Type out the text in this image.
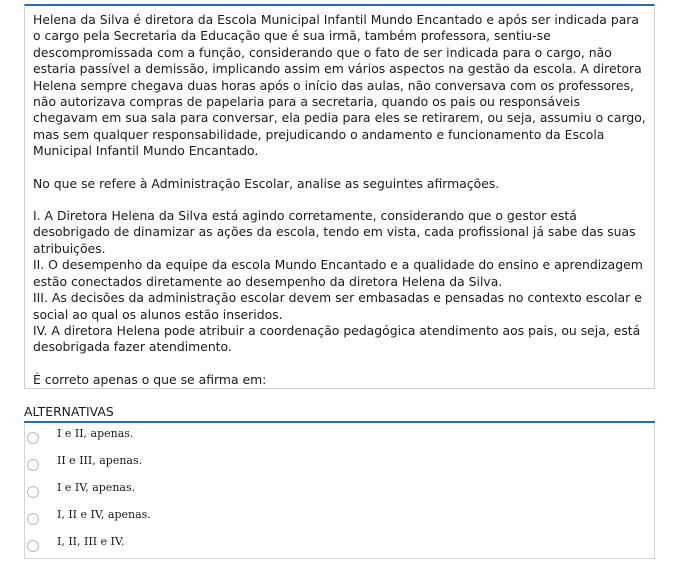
Helena da Silva é diretora da Escola Municipal Infantil Mundo Encantado e após ser indicada para o cargo pela Secretaria da Educação que é sua irmã, também professora, sentiu-se descompromissada com a função, considerando que o fato de ser indicada para o cargo, não estaria passível a demissão, implicando assim em vários aspectos na gestão da escola. A diretora Helena sempre chegava duas horas após o início das aulas, não conversava com os professores, não autorizava compras de papelaria para a secretaria, quando os pais ou responsáveis chegavam em sua sala para conversar, ela pedia para eles se retirarem, ou seja, assumiu o cargo, mas sem qualquer responsabilidade, prejudicando o andamento e funcionamento da Escola Municipal Infantil Mundo Encantado.

No que se refere à Administração Escolar, analise as seguintes afirmações.

I. A Diretora Helena da Silva está agindo corretamente, considerando que o gestor está desobrigado de dinamizar as ações da escola, tendo em vista, cada profissional já sabe das suas atribuições.

II. O desempenho da equipe da escola Mundo Encantado e a qualidade do ensino e aprendizagem estão conectados diretamente ao desempenho da diretora Helena da Silva.

III. As decisões da administração escolar devem ser embasadas e pensadas no contexto escolar e social ao qual os alunos estão inseridos.

IV. A diretora Helena pode atribuir a coordenação pedagógica atendimento aos pais, ou seja, está desobrigada fazer atendimento.

É correto apenas o que se afirma em:

ALTERNATIVAS
I e II, apenas.
II e III, apenas.
I e IV, apenas.
I, II e IV, apenas.
I, II, III e IV.
